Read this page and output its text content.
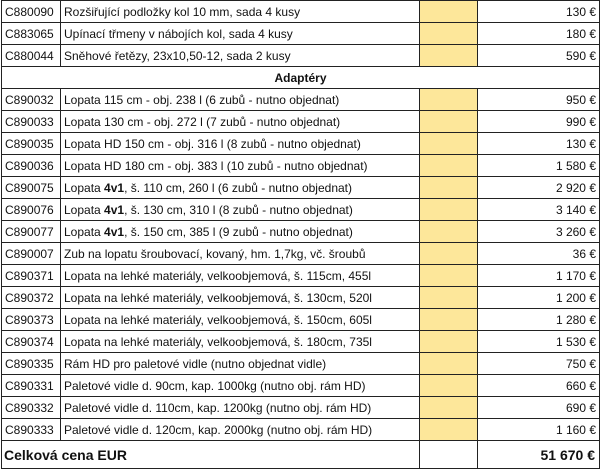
C880090	Rozšiřující podložky kol 10 mm, sada 4 kusy		130 €
C883065	Upínací třmeny v nábojích kol, sada 4 kusy		180 €
C880044	Sněhové řetězy, 23x10,50-12, sada 2 kusy		590 €
Adaptéry			
C890032	Lopata 115 cm - obj. 238 l (6 zubů - nutno objednat)		950 €
C890033	Lopata 130 cm - obj. 272 l (7 zubů - nutno objednat)		990 €
C890035	Lopata HD 150 cm - obj. 316 l (8 zubů - nutno objednat)		130 €
C890036	Lopata HD 180 cm - obj. 383 l (10 zubů - nutno objednat)		1 580 €
C890075	Lopata 4v1, š. 110 cm, 260 l (6 zubů - nutno objednat)		2 920 €
C890076	Lopata 4v1, š. 130 cm, 310 l (8 zubů - nutno objednat)		3 140 €
C890077	Lopata 4v1, š. 150 cm, 385 l (9 zubů - nutno objednat)		3 260 €
C890007	Zub na lopatu šroubovací, kovaný, hm. 1,7kg, vč. šroubů		36 €
C890371	Lopata na lehké materiály, velkoobjemová, š. 115cm, 455l		1 170 €
C890372	Lopata na lehké materiály, velkoobjemová, š. 130cm, 520l		1 200 €
C890373	Lopata na lehké materiály, velkoobjemová, š. 150cm, 605l		1 280 €
C890374	Lopata na lehké materiály, velkoobjemová, š. 180cm, 735l		1 530 €
C890335	Rám HD pro paletové vidle (nutno objednat vidle)		750 €
C890331	Paletové vidle d. 90cm, kap. 1000kg (nutno obj. rám HD)		660 €
C890332	Paletové vidle d. 110cm, kap. 1200kg (nutno obj. rám HD)		690 €
C890333	Paletové vidle d. 120cm, kap. 2000kg (nutno obj. rám HD)		1 160 €
Celková cena EUR			51 670 €
